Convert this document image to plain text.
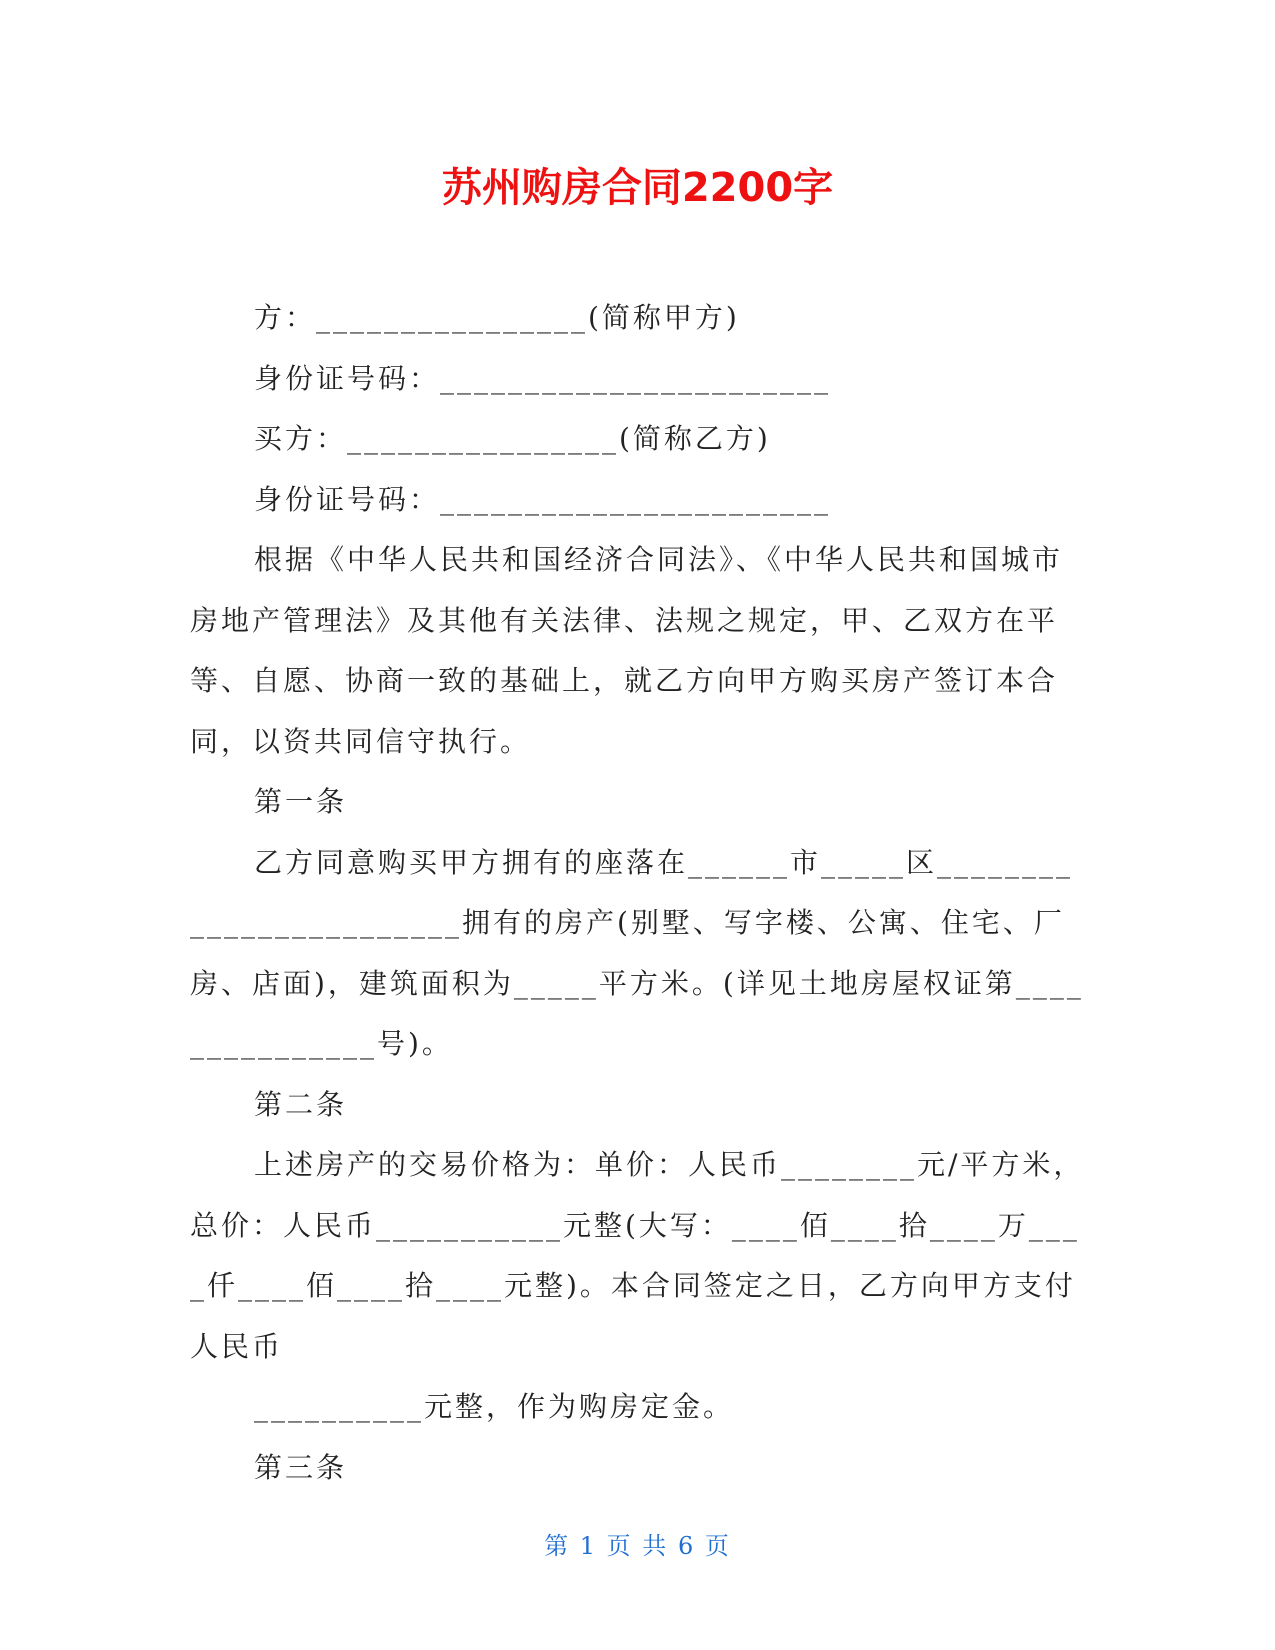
苏州购房合同2200字

方：________________(简称甲方)

身份证号码：_______________________

买方：________________(简称乙方)

身份证号码：_______________________

根据《中华人民共和国经济合同法》、《中华人民共和国城市房地产管理法》及其他有关法律、法规之规定，甲、乙双方在平等、自愿、协商一致的基础上，就乙方向甲方购买房产签订本合同，以资共同信守执行。

第一条

乙方同意购买甲方拥有的座落在______市_____区________________________拥有的房产(别墅、写字楼、公寓、住宅、厂房、店面)，建筑面积为_____平方米。(详见土地房屋权证第_______________号)。

第二条

上述房产的交易价格为：单价：人民币________元/平方米，总价：人民币___________元整(大写：____佰____拾____万____仟____佰____拾____元整)。本合同签定之日，乙方向甲方支付人民币

__________元整，作为购房定金。

第三条

第 1 页 共 6 页
